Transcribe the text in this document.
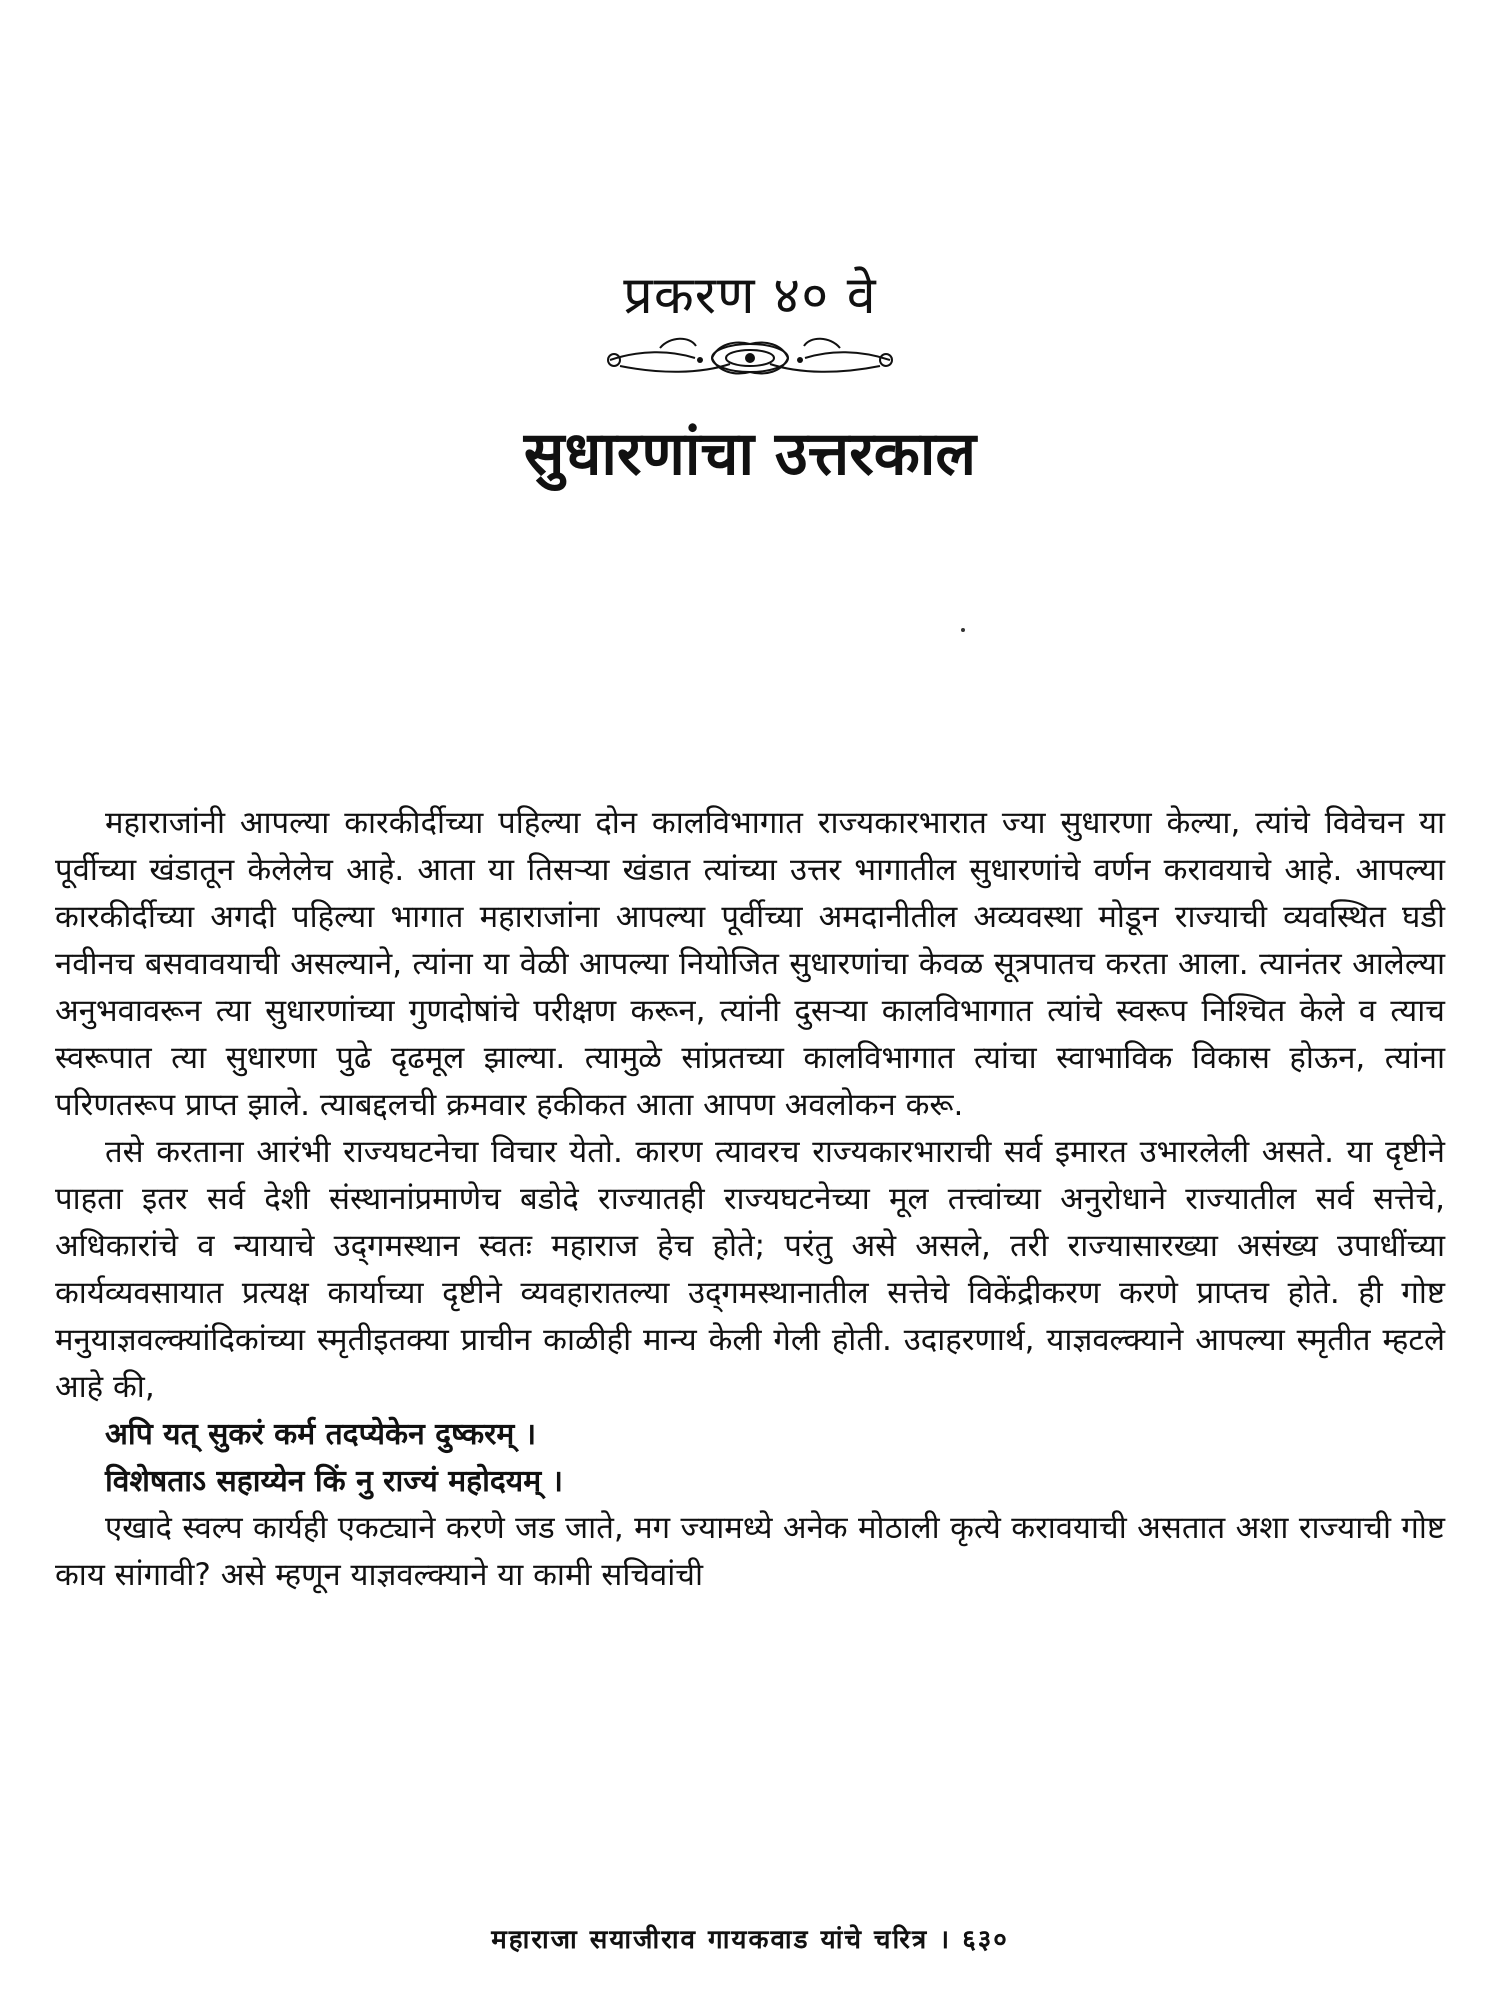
प्रकरण ४० वे
सुधारणांचा उत्तरकाल

महाराजांनी आपल्या कारकीर्दीच्या पहिल्या दोन कालविभागात राज्यकारभारात ज्या सुधारणा केल्या, त्यांचे विवेचन या पूर्वीच्या खंडातून केलेलेच आहे. आता या तिसऱ्या खंडात त्यांच्या उत्तर भागातील सुधारणांचे वर्णन करावयाचे आहे. आपल्या कारकीर्दीच्या अगदी पहिल्या भागात महाराजांना आपल्या पूर्वीच्या अमदानीतील अव्यवस्था मोडून राज्याची व्यवस्थित घडी नवीनच बसवावयाची असल्याने, त्यांना या वेळी आपल्या नियोजित सुधारणांचा केवळ सूत्रपातच करता आला. त्यानंतर आलेल्या अनुभवावरून त्या सुधारणांच्या गुणदोषांचे परीक्षण करून, त्यांनी दुसऱ्या कालविभागात त्यांचे स्वरूप निश्चित केले व त्याच स्वरूपात त्या सुधारणा पुढे दृढमूल झाल्या. त्यामुळे सांप्रतच्या कालविभागात त्यांचा स्वाभाविक विकास होऊन, त्यांना परिणतरूप प्राप्त झाले. त्याबद्दलची क्रमवार हकीकत आता आपण अवलोकन करू.

तसे करताना आरंभी राज्यघटनेचा विचार येतो. कारण त्यावरच राज्यकारभाराची सर्व इमारत उभारलेली असते. या दृष्टीने पाहता इतर सर्व देशी संस्थानांप्रमाणेच बडोदे राज्यातही राज्यघटनेच्या मूल तत्त्वांच्या अनुरोधाने राज्यातील सर्व सत्तेचे, अधिकारांचे व न्यायाचे उद्‌गमस्थान स्वतः महाराज हेच होते; परंतु असे असले, तरी राज्यासारख्या असंख्य उपाधींच्या कार्यव्यवसायात प्रत्यक्ष कार्याच्या दृष्टीने व्यवहारातल्या उद्‌गमस्थानातील सत्तेचे विकेंद्रीकरण करणे प्राप्तच होते. ही गोष्ट मनुयाज्ञवल्क्यांदिकांच्या स्मृतीइतक्या प्राचीन काळीही मान्य केली गेली होती. उदाहरणार्थ, याज्ञवल्क्याने आपल्या स्मृतीत म्हटले आहे की,

अपि यत् सुकरं कर्म तदप्येकेन दुष्करम् ।
विशेषताऽ सहाय्येन किं नु राज्यं महोदयम् ।

एखादे स्वल्प कार्यही एकट्याने करणे जड जाते, मग ज्यामध्ये अनेक मोठाली कृत्ये करावयाची असतात अशा राज्याची गोष्ट काय सांगावी? असे म्हणून याज्ञवल्क्याने या कामी सचिवांची

महाराजा सयाजीराव गायकवाड यांचे चरित्र । ६३०
